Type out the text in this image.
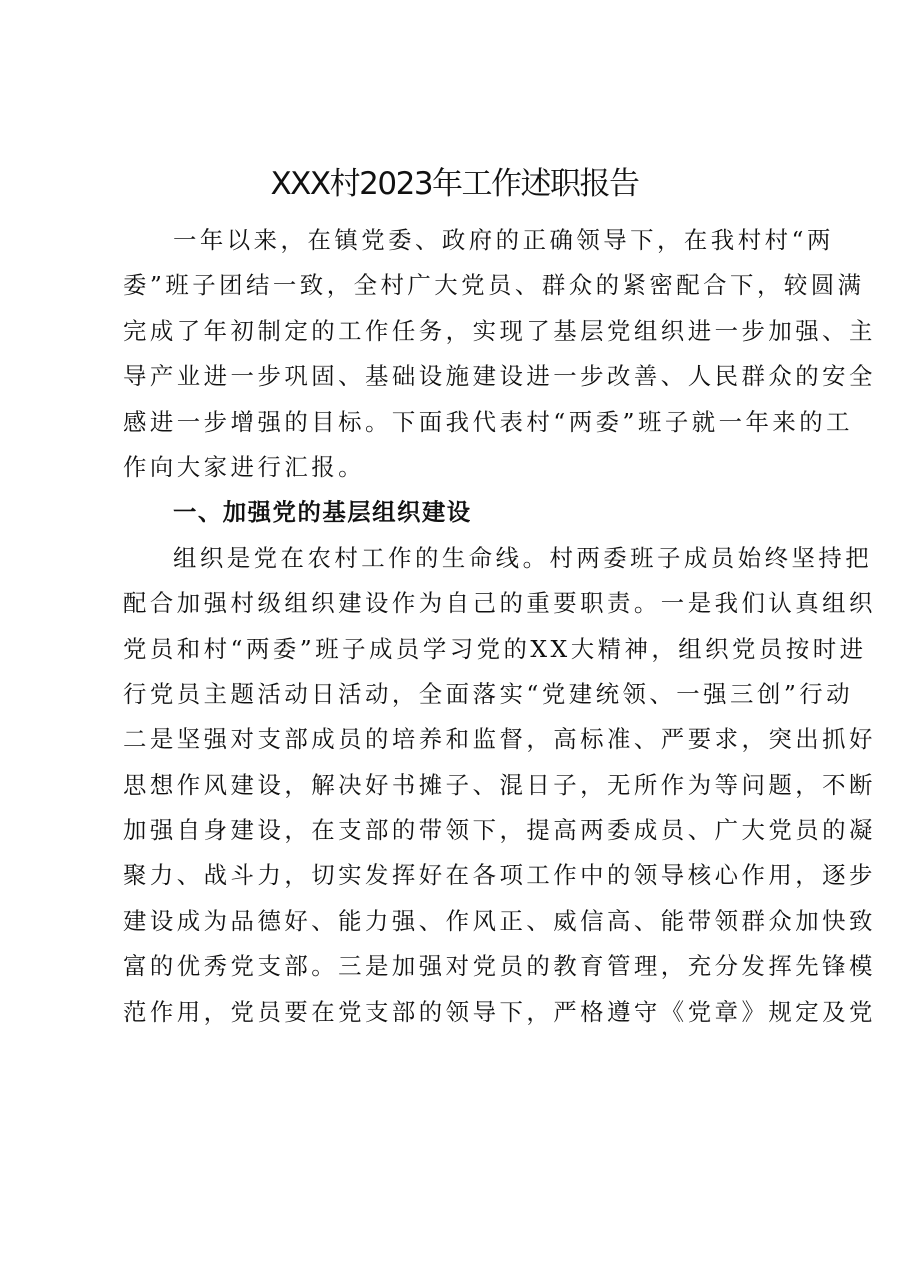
XXX村2023年工作述职报告
一年以来，在镇党委、政府的正确领导下，在我村村“两
委”班子团结一致，全村广大党员、群众的紧密配合下，较圆满
完成了年初制定的工作任务，实现了基层党组织进一步加强、主
导产业进一步巩固、基础设施建设进一步改善、人民群众的安全
感进一步增强的目标。下面我代表村“两委”班子就一年来的工
作向大家进行汇报。
一、加强党的基层组织建设
组织是党在农村工作的生命线。村两委班子成员始终坚持把
配合加强村级组织建设作为自己的重要职责。一是我们认真组织
党员和村“两委”班子成员学习党的XX大精神，组织党员按时进
行党员主题活动日活动，全面落实“党建统领、一强三创”行动
二是坚强对支部成员的培养和监督，高标准、严要求，突出抓好
思想作风建设，解决好书摊子、混日子，无所作为等问题，不断
加强自身建设，在支部的带领下，提高两委成员、广大党员的凝
聚力、战斗力，切实发挥好在各项工作中的领导核心作用，逐步
建设成为品德好、能力强、作风正、威信高、能带领群众加快致
富的优秀党支部。三是加强对党员的教育管理，充分发挥先锋模
范作用，党员要在党支部的领导下，严格遵守《党章》规定及党
